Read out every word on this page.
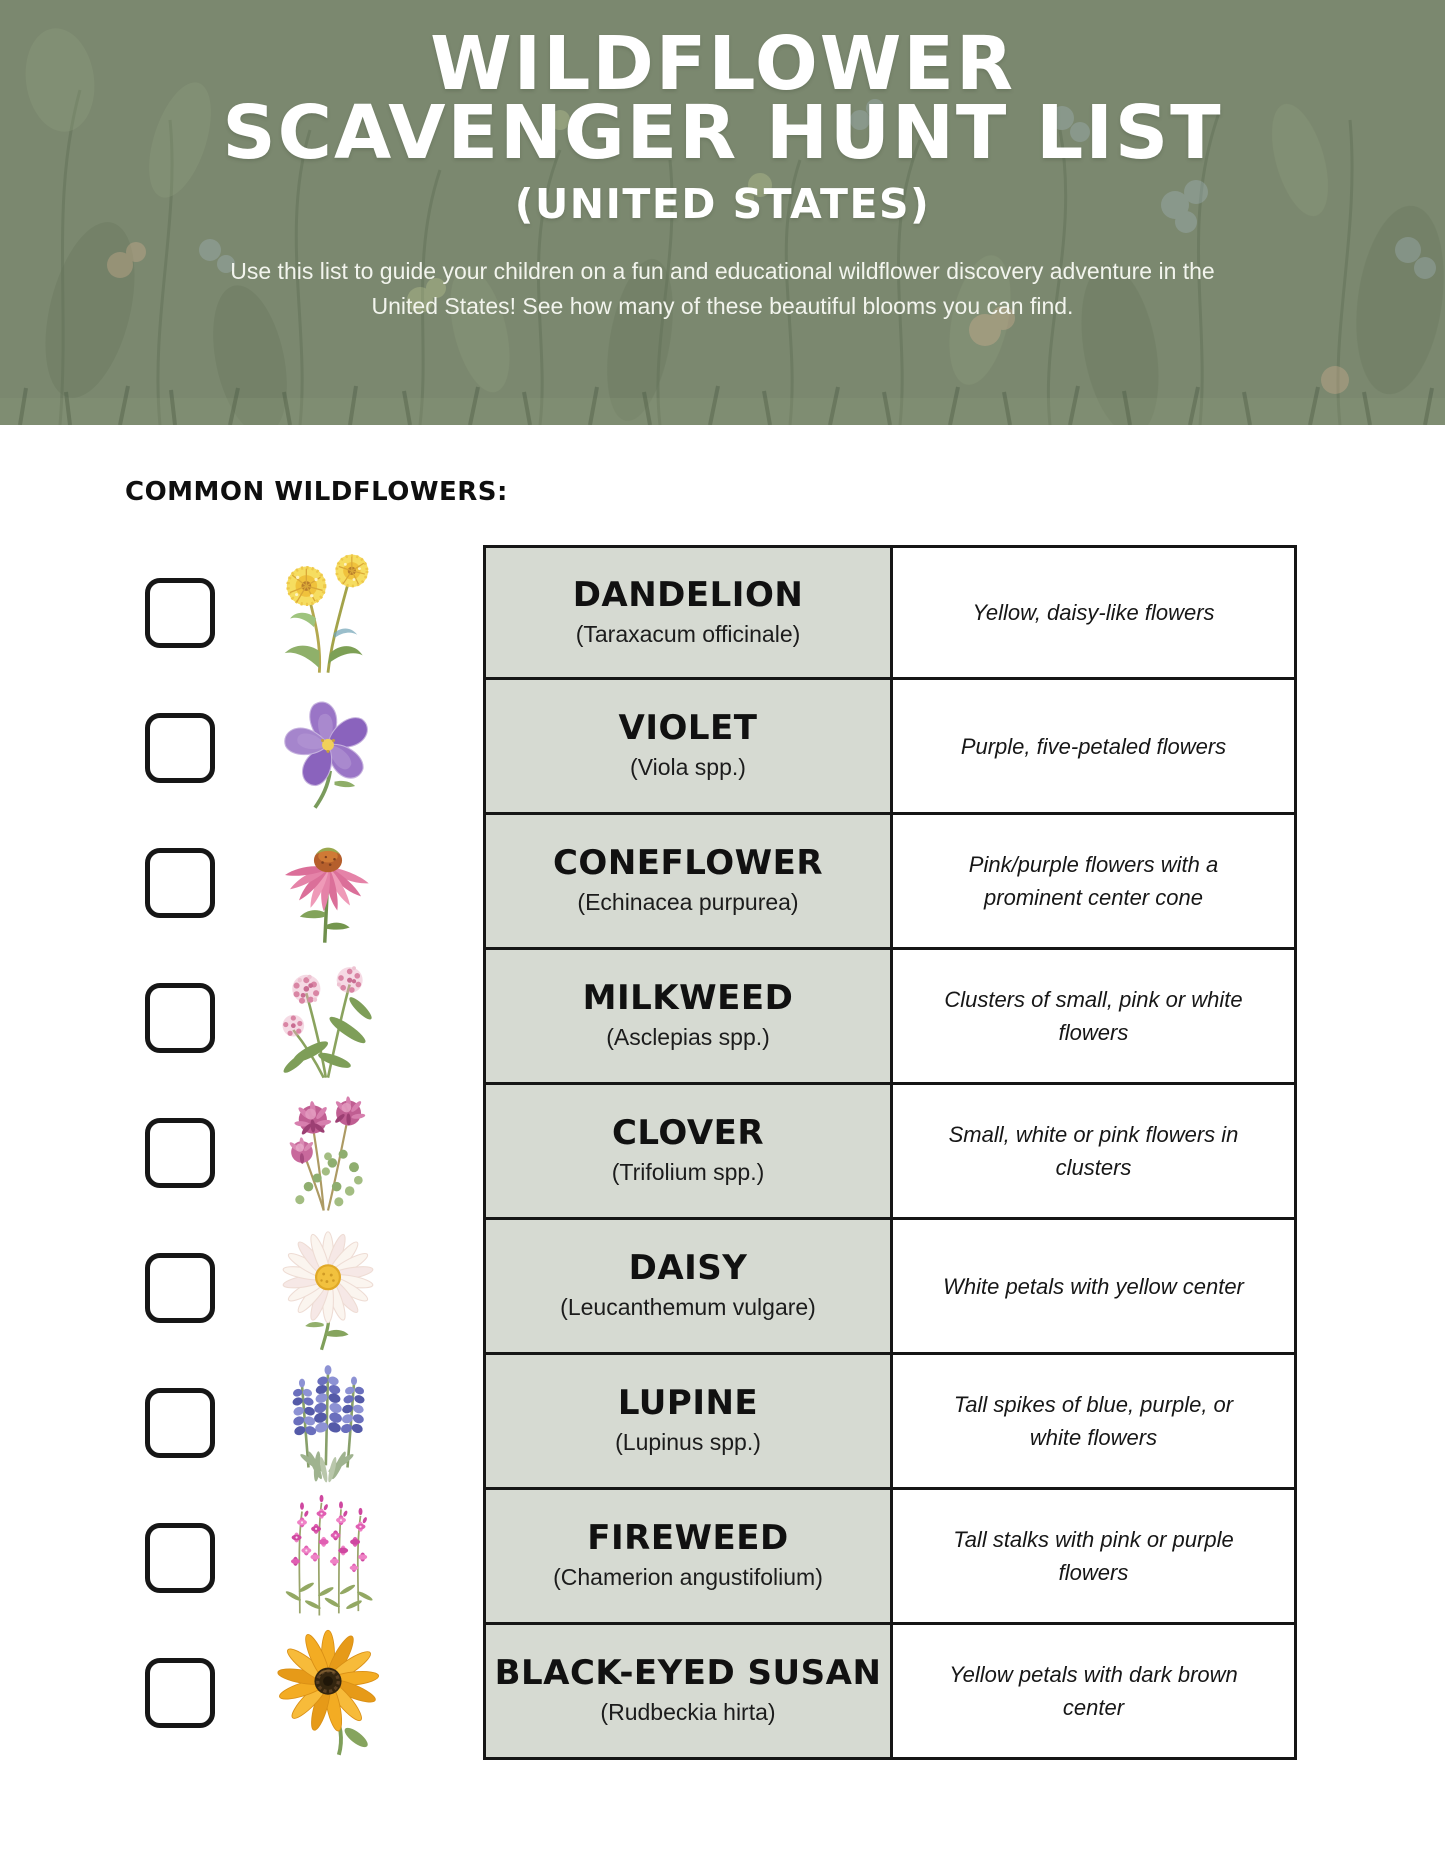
WILDFLOWER
SCAVENGER HUNT LIST
(UNITED STATES)

Use this list to guide your children on a fun and educational wildflower discovery adventure in the United States! See how many of these beautiful blooms you can find.

COMMON WILDFLOWERS:
DANDELION
(Taraxacum officinale)
Yellow, daisy-like flowers
VIOLET
(Viola spp.)
Purple, five-petaled flowers
CONEFLOWER
(Echinacea purpurea)
Pink/purple flowers with a prominent center cone
MILKWEED
(Asclepias spp.)
Clusters of small, pink or white flowers
CLOVER
(Trifolium spp.)
Small, white or pink flowers in clusters
DAISY
(Leucanthemum vulgare)
White petals with yellow center
LUPINE
(Lupinus spp.)
Tall spikes of blue, purple, or white flowers
FIREWEED
(Chamerion angustifolium)
Tall stalks with pink or purple flowers
BLACK-EYED SUSAN
(Rudbeckia hirta)
Yellow petals with dark brown center
